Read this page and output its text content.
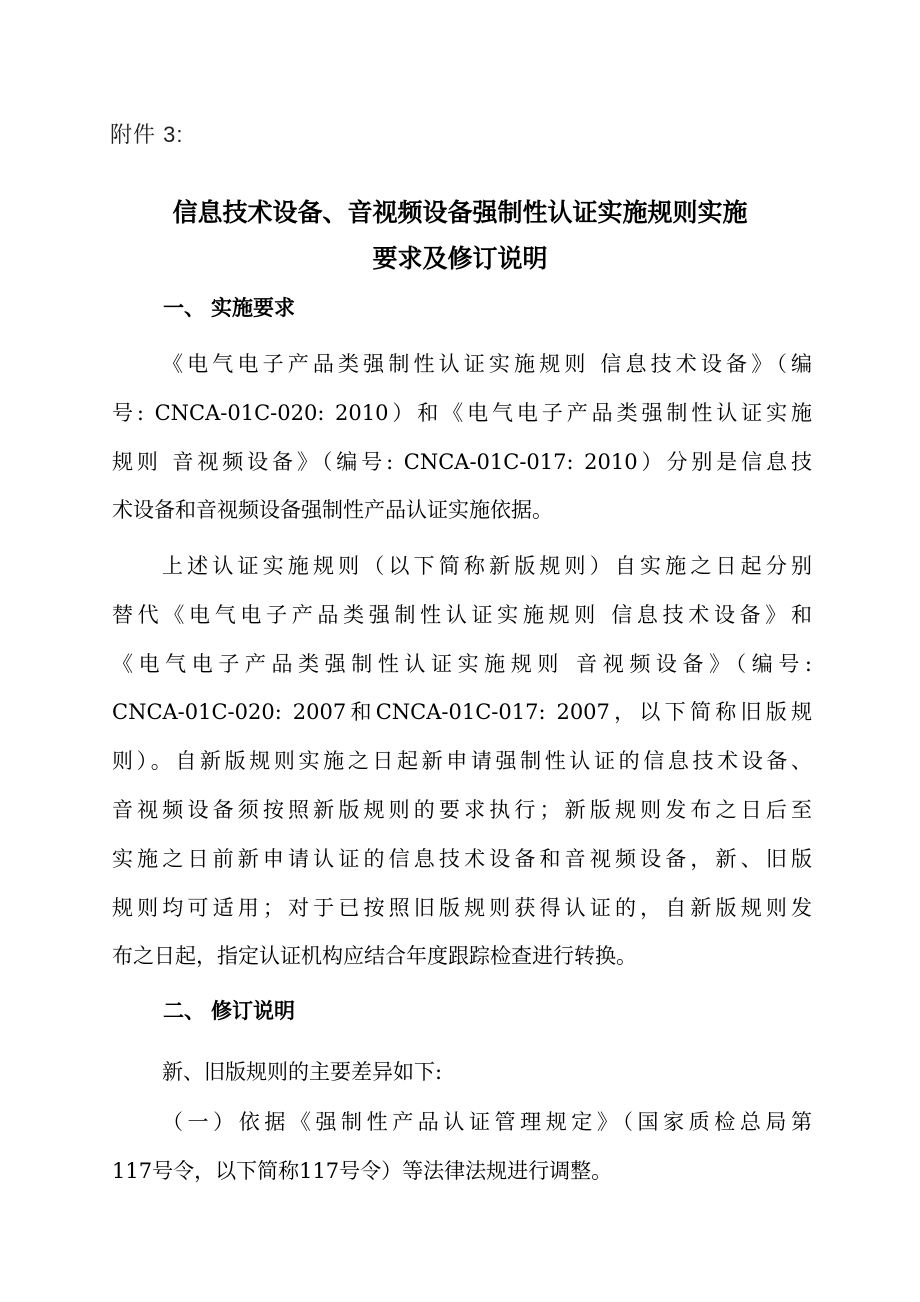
附件 3:
信息技术设备、音视频设备强制性认证实施规则实施
要求及修订说明
一、 实施要求
《电气电子产品类强制性认证实施规则 信息技术设备》（编
号: CNCA-01C-020: 2010）和《电气电子产品类强制性认证实施
规则 音视频设备》（编号: CNCA-01C-017: 2010）分别是信息技
术设备和音视频设备强制性产品认证实施依据。
上述认证实施规则（以下简称新版规则）自实施之日起分别
替代《电气电子产品类强制性认证实施规则 信息技术设备》和
《电气电子产品类强制性认证实施规则 音视频设备》（编号:
CNCA-01C-020: 2007和CNCA-01C-017: 2007，以下简称旧版规
则）。自新版规则实施之日起新申请强制性认证的信息技术设备、
音视频设备须按照新版规则的要求执行；新版规则发布之日后至
实施之日前新申请认证的信息技术设备和音视频设备，新、旧版
规则均可适用；对于已按照旧版规则获得认证的，自新版规则发
布之日起，指定认证机构应结合年度跟踪检查进行转换。
二、 修订说明
新、旧版规则的主要差异如下:
（一）依据《强制性产品认证管理规定》（国家质检总局第
117号令，以下简称117号令）等法律法规进行调整。
